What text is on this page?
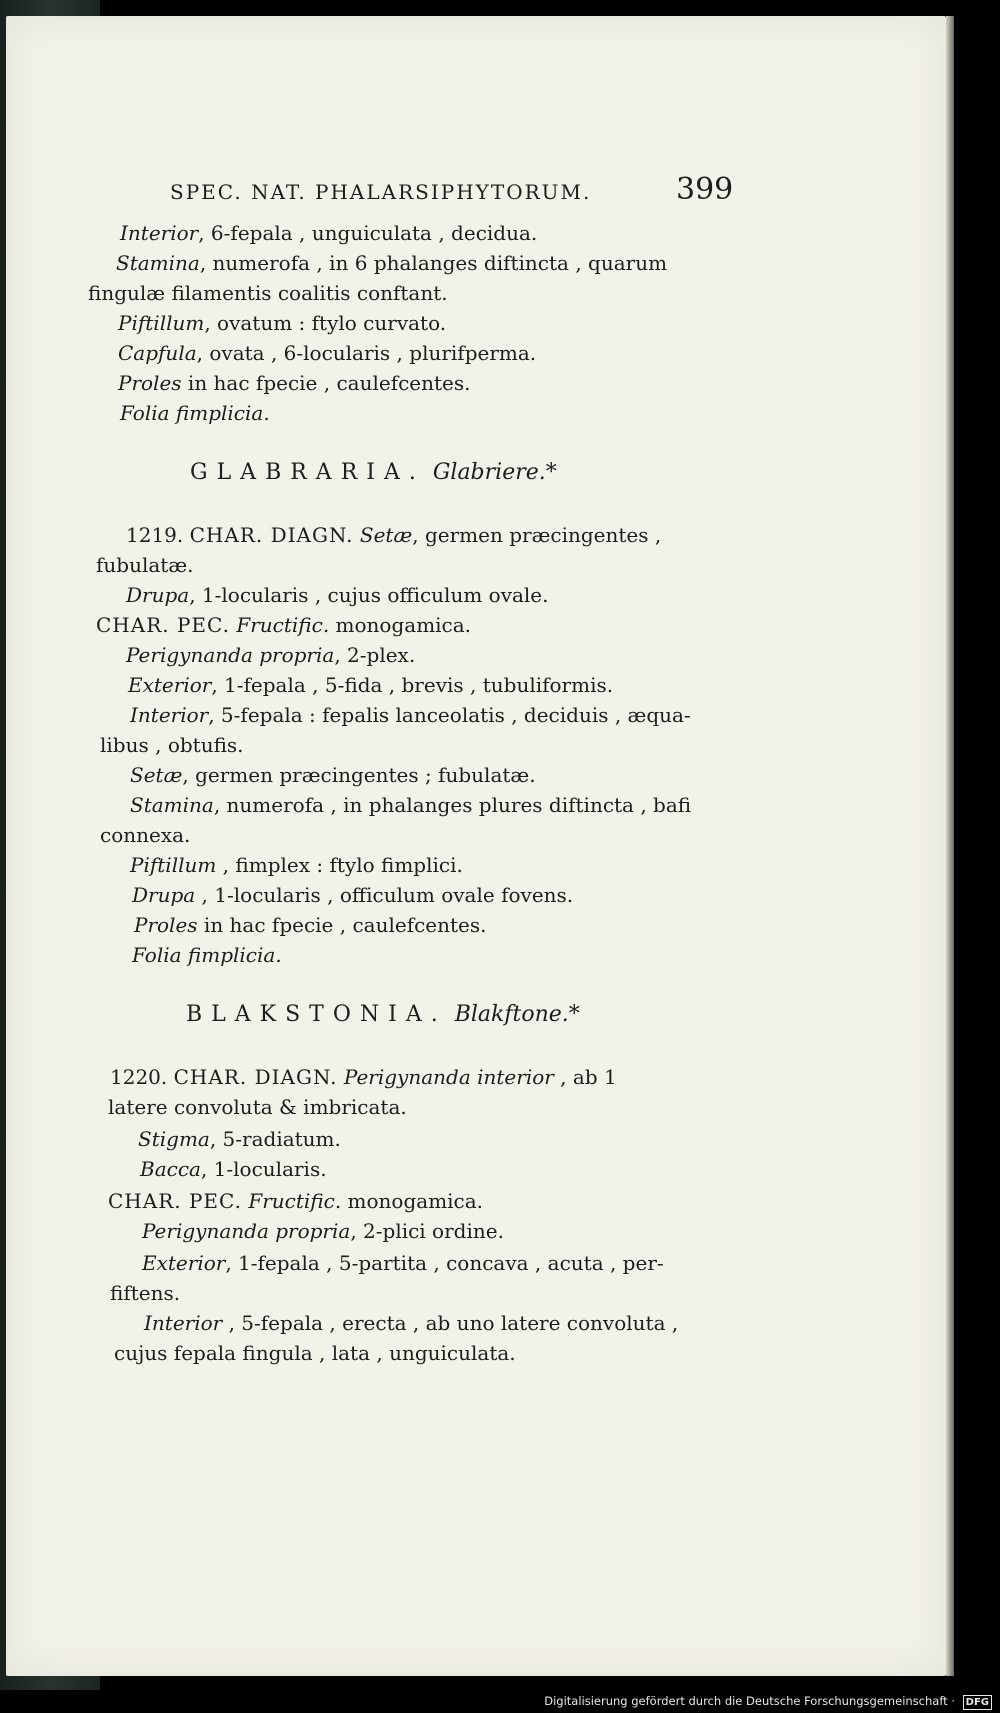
SPEC. NAT. PHALARSIPHYTORUM.	399
Interior, 6-fepala , unguiculata , decidua.
Stamina, numerofa , in 6 phalanges diftincta , quarum
fingulæ filamentis coalitis conftant.
Piftillum, ovatum : ftylo curvato.
Capfula, ovata , 6-locularis , plurifperma.
Proles in hac fpecie , caulefcentes.
Folia fimplicia.
GLABRARIA. Glabriere.*
1219. CHAR. DIAGN. Setæ, germen præcingentes ,
fubulatæ.
Drupa, 1-locularis , cujus officulum ovale.
CHAR. PEC. Fructific. monogamica.
Perigynanda propria, 2-plex.
Exterior, 1-fepala , 5-fida , brevis , tubuliformis.
Interior, 5-fepala : fepalis lanceolatis , deciduis , æqua-
libus , obtufis.
Setæ, germen præcingentes ; fubulatæ.
Stamina, numerofa , in phalanges plures diftincta , bafi
connexa.
Piftillum , fimplex : ftylo fimplici.
Drupa , 1-locularis , officulum ovale fovens.
Proles in hac fpecie , caulefcentes.
Folia fimplicia.
BLAKSTONIA. Blakftone.*
1220. CHAR. DIAGN. Perigynanda interior , ab 1
latere convoluta & imbricata.
Stigma, 5-radiatum.
Bacca, 1-locularis.
CHAR. PEC. Fructific. monogamica.
Perigynanda propria, 2-plici ordine.
Exterior, 1-fepala , 5-partita , concava , acuta , per-
fiftens.
Interior , 5-fepala , erecta , ab uno latere convoluta ,
cujus fepala fingula , lata , unguiculata.
Digitalisierung gefördert durch die Deutsche Forschungsgemeinschaft · DFG
